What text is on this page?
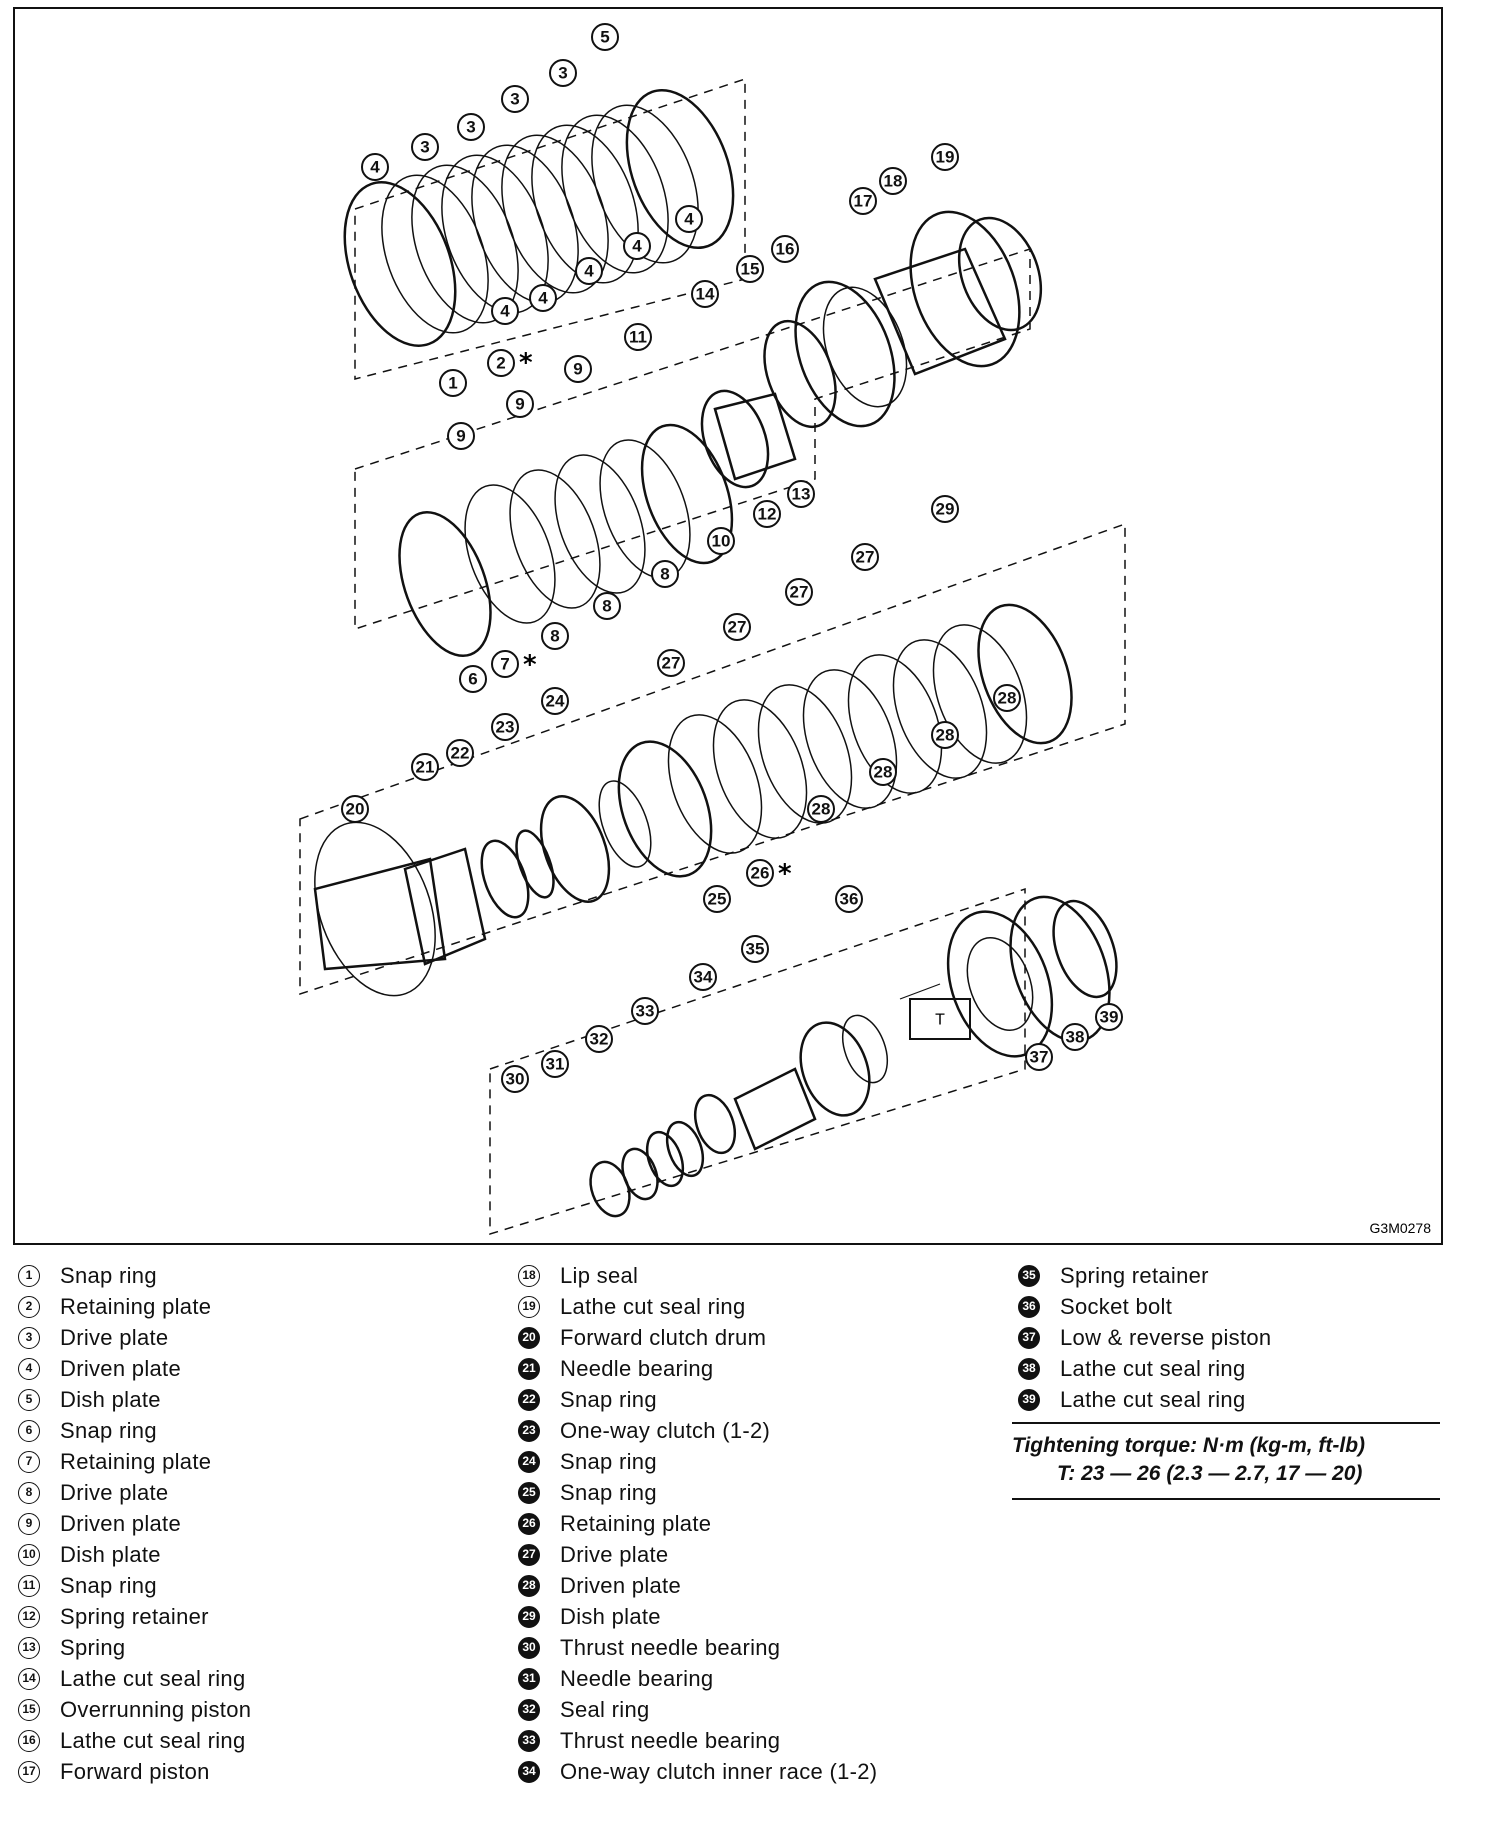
T
1
2
3
3
3
3
4
4
4
4
4
4
5
6
7
8
8
8
9
9
9
10
11
12
13
14
15
16
17
18
19
20
21
22
23
24
25
26
27
27
27
27
28
28
28
28
29
30
31
32
33
34
35
36
37
38
39
*
*
*
G3M0278
1	Snap ring
2	Retaining plate
3	Drive plate
4	Driven plate
5	Dish plate
6	Snap ring
7	Retaining plate
8	Drive plate
9	Driven plate
10 Dish plate
11 Snap ring
12 Spring retainer
13 Spring
14 Lathe cut seal ring
15 Overrunning piston
16 Lathe cut seal ring
17 Forward piston
18 Lip seal
19 Lathe cut seal ring
20 Forward clutch drum
21 Needle bearing
22 Snap ring
23 One-way clutch (1-2)
24 Snap ring
25 Snap ring
26 Retaining plate
27 Drive plate
28 Driven plate
29 Dish plate
30 Thrust needle bearing
31 Needle bearing
32 Seal ring
33 Thrust needle bearing
34 One-way clutch inner race (1-2)
35 Spring retainer
36 Socket bolt
37 Low & reverse piston
38 Lathe cut seal ring
39 Lathe cut seal ring

Tightening torque: N·m (kg-m, ft-lb)

T: 23 — 26 (2.3 — 2.7, 17 — 20)
